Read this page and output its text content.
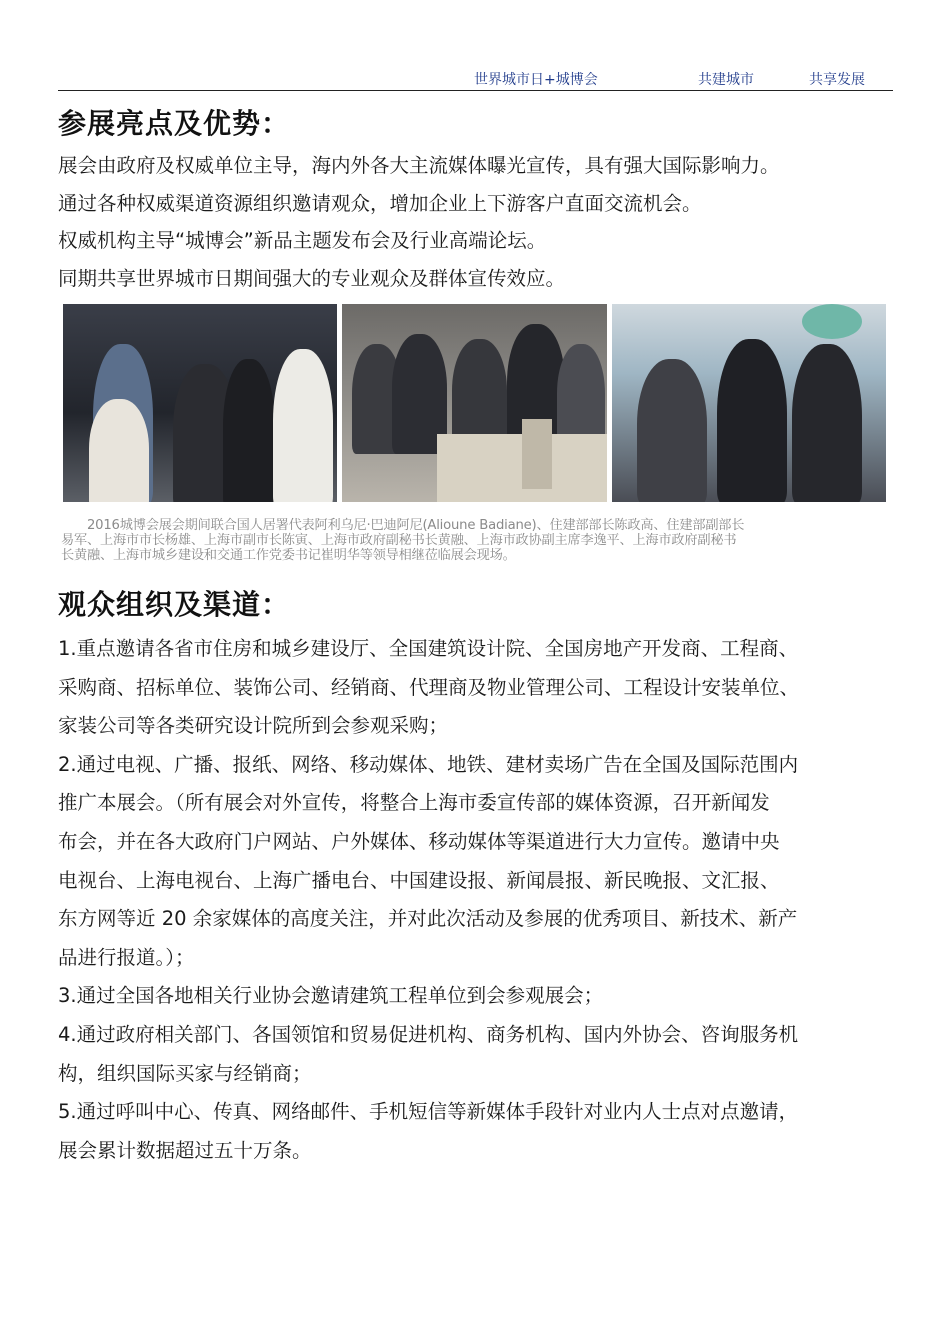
世界城市日+城博会	共建城市	共享发展
参展亮点及优势：

展会由政府及权威单位主导，海内外各大主流媒体曝光宣传，具有强大国际影响力。

通过各种权威渠道资源组织邀请观众，增加企业上下游客户直面交流机会。

权威机构主导“城博会”新品主题发布会及行业高端论坛。

同期共享世界城市日期间强大的专业观众及群体宣传效应。

　　2016城博会展会期间联合国人居署代表阿利乌尼·巴迪阿尼(Alioune Badiane)、住建部部长陈政高、住建部副部长

易军、上海市市长杨雄、上海市副市长陈寅、上海市政府副秘书长黄融、上海市政协副主席李逸平、上海市政府副秘书

长黄融、上海市城乡建设和交通工作党委书记崔明华等领导相继莅临展会现场。

观众组织及渠道：

1.重点邀请各省市住房和城乡建设厅、全国建筑设计院、全国房地产开发商、工程商、

采购商、招标单位、装饰公司、经销商、代理商及物业管理公司、工程设计安装单位、

家装公司等各类研究设计院所到会参观采购；

2.通过电视、广播、报纸、网络、移动媒体、地铁、建材卖场广告在全国及国际范围内

推广本展会。（所有展会对外宣传，将整合上海市委宣传部的媒体资源，召开新闻发

布会，并在各大政府门户网站、户外媒体、移动媒体等渠道进行大力宣传。邀请中央

电视台、上海电视台、上海广播电台、中国建设报、新闻晨报、新民晚报、文汇报、

东方网等近 20 余家媒体的高度关注，并对此次活动及参展的优秀项目、新技术、新产

品进行报道。）；

3.通过全国各地相关行业协会邀请建筑工程单位到会参观展会；

4.通过政府相关部门、各国领馆和贸易促进机构、商务机构、国内外协会、咨询服务机

构，组织国际买家与经销商；

5.通过呼叫中心、传真、网络邮件、手机短信等新媒体手段针对业内人士点对点邀请，

展会累计数据超过五十万条。
